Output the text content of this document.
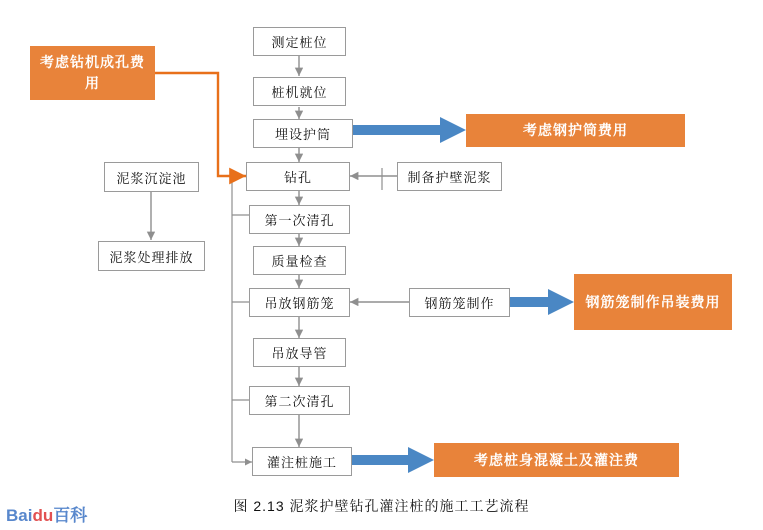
测定桩位
桩机就位
埋设护筒
钻孔
第一次清孔
质量检查
吊放钢筋笼
吊放导管
第二次清孔
灌注桩施工
泥浆沉淀池
泥浆处理排放
制备护壁泥浆
钢筋笼制作
考虑钻机成孔费用
考虑钢护筒费用
钢筋笼制作吊装费用
考虑桩身混凝土及灌注费
图 2.13 泥浆护壁钻孔灌注桩的施工工艺流程
Baidu百科
